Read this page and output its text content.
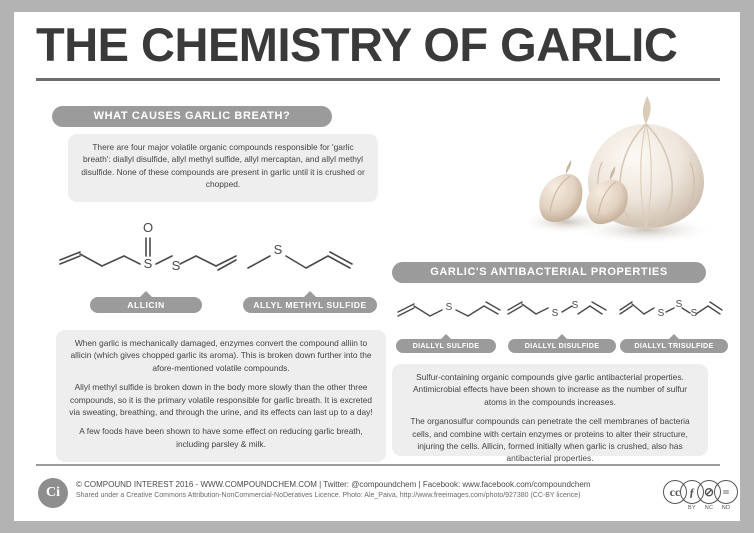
THE CHEMISTRY OF GARLIC
WHAT CAUSES GARLIC BREATH?

There are four major volatile organic compounds responsible for 'garlic breath': diallyl disulfide, allyl methyl sulfide, allyl mercaptan, and allyl methyl disulfide. None of these compounds are present in garlic until it is crushed or chopped.

O
S S
ALLICIN
S
ALLYL METHYL SULFIDE

When garlic is mechanically damaged, enzymes convert the compound alliin to allicin (which gives chopped garlic its aroma). This is broken down further into the afore-mentioned volatile compounds.

Allyl methyl sulfide is broken down in the body more slowly than the other three compounds, so it is the primary volatile responsible for garlic breath. It is excreted via sweating, breathing, and through the urine, and its effects can last up to a day!

A few foods have been shown to have some effect on reducing garlic breath, including parsley & milk.

GARLIC'S ANTIBACTERIAL PROPERTIES
S
DIALLYL SULFIDE
S
S
DIALLYL DISULFIDE
S
S
S
DIALLYL TRISULFIDE

Sulfur-containing organic compounds give garlic antibacterial properties. Antimicrobial effects have been shown to increase as the number of sulfur atoms in the compounds increases.

The organosulfur compounds can penetrate the cell membranes of bacteria cells, and combine with certain enzymes or proteins to alter their structure, injuring the cells. Allicin, formed initially when garlic is crushed, also has antibacterial properties.

Ci
© COMPOUND INTEREST 2016 - WWW.COMPOUNDCHEM.COM | Twitter: @compoundchem | Facebook: www.facebook.com/compoundchem
Shared under a Creative Commons Attribution-NonCommercial-NoDeratives Licence. Photo: Ale_Paiva, http://www.freeimages.com/photo/927380 (CC-BY licence)	cc ƒ
BY
⊘
NC
=
ND
